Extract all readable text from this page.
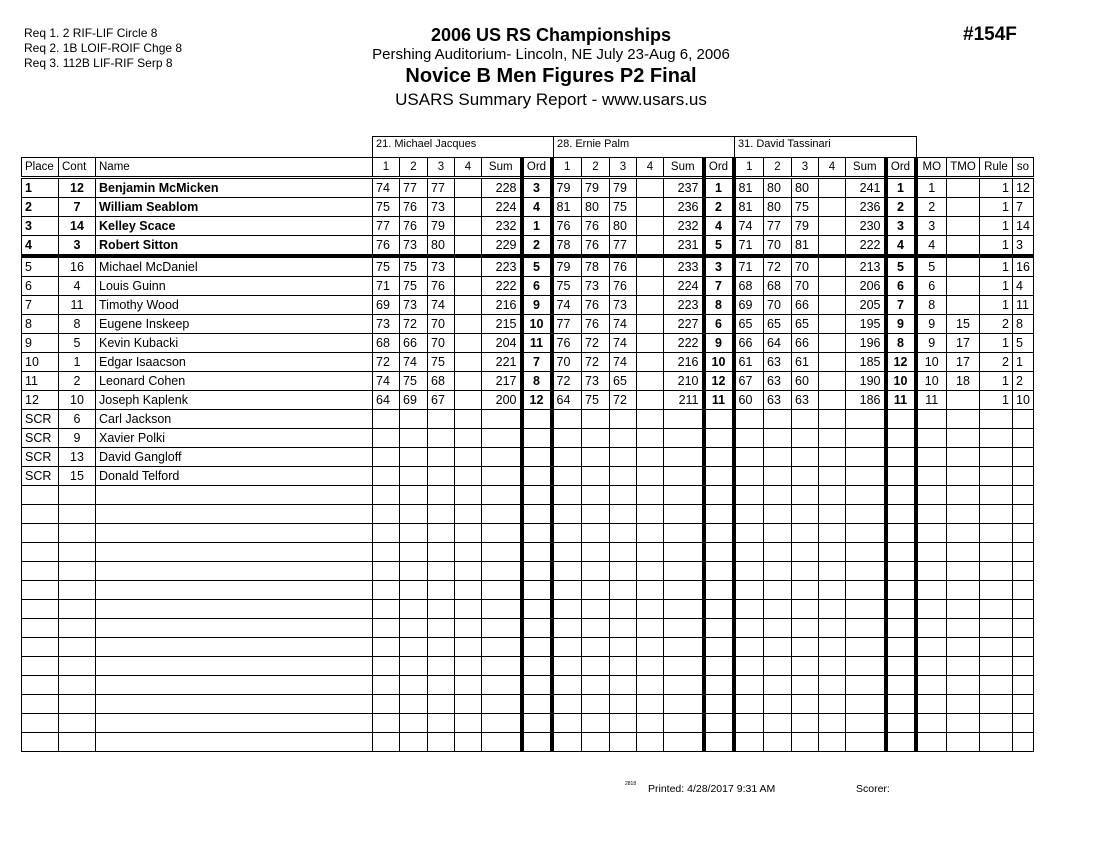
Req 1. 2 RIF-LIF Circle 8
Req 2. 1B LOIF-ROIF Chge 8
Req 3. 112B LIF-RIF Serp 8
2006 US RS Championships
Pershing Auditorium- Lincoln, NE July 23-Aug 6, 2006
Novice B Men Figures P2 Final
USARS Summary Report - www.usars.us
#154F
21. Michael Jacques	28. Ernie Palm	31. David Tassinari
Place	Cont	Name	1	2	3	4	Sum	Ord	1	2	3	4	Sum	Ord	1	2	3	4	Sum	Ord	MO	TMO	Rule	so
1	12	Benjamin McMicken	74	77	77		228	3	79	79	79		237	1	81	80	80		241	1	1		1	12
2	7	William Seablom	75	76	73		224	4	81	80	75		236	2	81	80	75		236	2	2		1	7
3	14	Kelley Scace	77	76	79		232	1	76	76	80		232	4	74	77	79		230	3	3		1	14
4	3	Robert Sitton	76	73	80		229	2	78	76	77		231	5	71	70	81		222	4	4		1	3
5	16	Michael McDaniel	75	75	73		223	5	79	78	76		233	3	71	72	70		213	5	5		1	16
6	4	Louis Guinn	71	75	76		222	6	75	73	76		224	7	68	68	70		206	6	6		1	4
7	11	Timothy Wood	69	73	74		216	9	74	76	73		223	8	69	70	66		205	7	8		1	11
8	8	Eugene Inskeep	73	72	70		215	10	77	76	74		227	6	65	65	65		195	9	9	15	2	8
9	5	Kevin Kubacki	68	66	70		204	11	76	72	74		222	9	66	64	66		196	8	9	17	1	5
10	1	Edgar Isaacson	72	74	75		221	7	70	72	74		216	10	61	63	61		185	12	10	17	2	1
11	2	Leonard Cohen	74	75	68		217	8	72	73	65		210	12	67	63	60		190	10	10	18	1	2
12	10	Joseph Kaplenk	64	69	67		200	12	64	75	72		211	11	60	63	63		186	11	11		1	10
SCR	6	Carl Jackson																						
SCR	9	Xavier Polki																						
SCR	13	David Gangloff																						
SCR	15	Donald Telford																						

2818 Printed: 4/28/2017 9:31 AM	Scorer:
